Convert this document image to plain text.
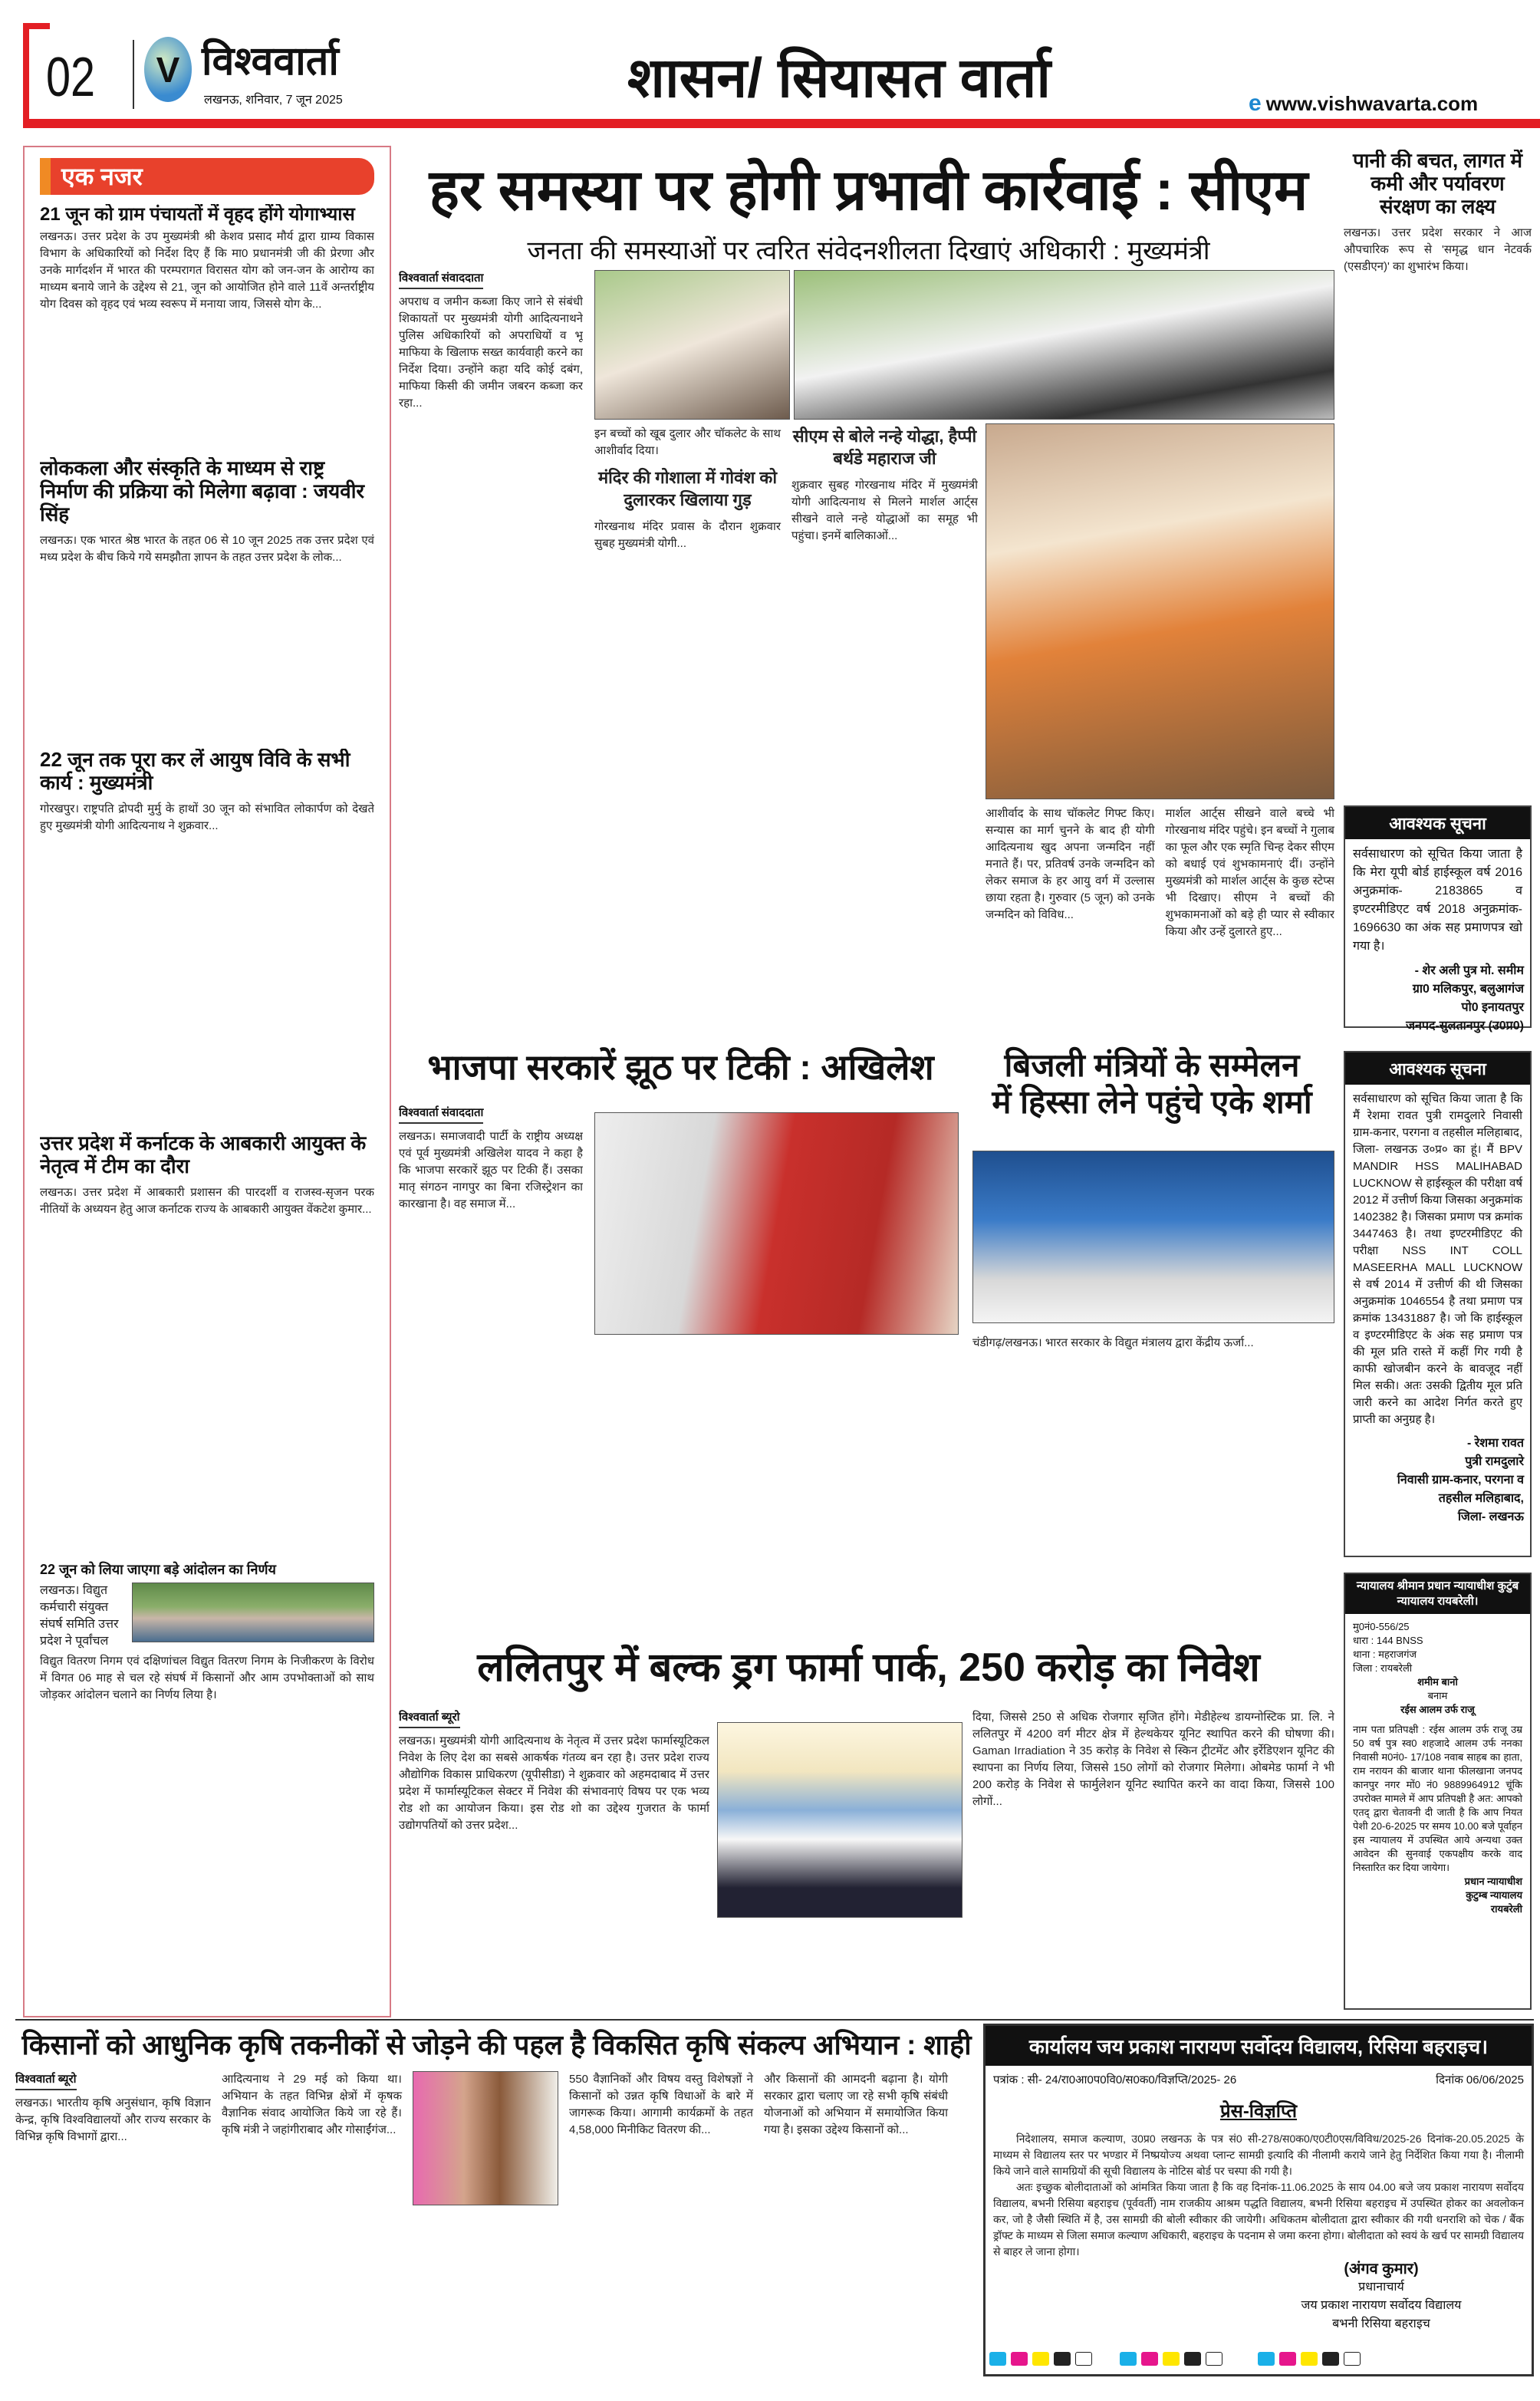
02	V विश्ववार्ता
लखनऊ, शनिवार, 7 जून 2025	शासन/ सियासत वार्ता	e www.vishwavarta.com
एक नजर
21 जून को ग्राम पंचायतों में वृहद होंगे योगाभ्यास
लखनऊ। उत्तर प्रदेश के उप मुख्यमंत्री श्री केशव प्रसाद मौर्य द्वारा ग्राम्य विकास विभाग के अधिकारियों को निर्देश दिए हैं कि मा0 प्रधानमंत्री जी की प्रेरणा और उनके मार्गदर्शन में भारत की परम्परागत विरासत योग को जन-जन के आरोग्य का माध्यम बनाये जाने के उद्देश्य से 21, जून को आयोजित होने वाले 11वें अन्तर्राष्ट्रीय योग दिवस को वृहद एवं भव्य स्वरूप में मनाया जाय, जिससे योग के...
लोककला और संस्कृति के माध्यम से राष्ट्र निर्माण की प्रक्रिया को मिलेगा बढ़ावा : जयवीर सिंह
लखनऊ। एक भारत श्रेष्ठ भारत के तहत 06 से 10 जून 2025 तक उत्तर प्रदेश एवं मध्य प्रदेश के बीच किये गये समझौता ज्ञापन के तहत उत्तर प्रदेश के लोक...
22 जून तक पूरा कर लें आयुष विवि के सभी कार्य : मुख्यमंत्री
गोरखपुर। राष्ट्रपति द्रोपदी मुर्मु के हाथों 30 जून को संभावित लोकार्पण को देखते हुए मुख्यमंत्री योगी आदित्यनाथ ने शुक्रवार...
उत्तर प्रदेश में कर्नाटक के आबकारी आयुक्त के नेतृत्व में टीम का दौरा
लखनऊ। उत्तर प्रदेश में आबकारी प्रशासन की पारदर्शी व राजस्व-सृजन परक नीतियों के अध्ययन हेतु आज कर्नाटक राज्य के आबकारी आयुक्त वेंकटेश कुमार...
22 जून को लिया जाएगा बड़े आंदोलन का निर्णय
लखनऊ। विद्युत कर्मचारी संयुक्त संघर्ष समिति उत्तर प्रदेश ने पूर्वांचल
विद्युत वितरण निगम एवं दक्षिणांचल विद्युत वितरण निगम के निजीकरण के विरोध में विगत 06 माह से चल रहे संघर्ष में किसानों और आम उपभोक्ताओं को साथ जोड़कर आंदोलन चलाने का निर्णय लिया है।
हर समस्या पर होगी प्रभावी कार्रवाई : सीएम
जनता की समस्याओं पर त्वरित संवेदनशीलता दिखाएं अधिकारी : मुख्यमंत्री
विश्ववार्ता संवाददाता
अपराध व जमीन कब्जा किए जाने से संबंधी शिकायतों पर मुख्यमंत्री योगी आदित्यनाथने पुलिस अधिकारियों को अपराधियों व भू माफिया के खिलाफ सख्त कार्यवाही करने का निर्देश दिया। उन्होंने कहा यदि कोई दबंग, माफिया किसी की जमीन जबरन कब्जा कर रहा...
इन बच्चों को खूब दुलार और चॉकलेट के साथ आशीर्वाद दिया।
मंदिर की गोशाला में गोवंश को दुलारकर खिलाया गुड़
गोरखनाथ मंदिर प्रवास के दौरान शुक्रवार सुबह मुख्यमंत्री योगी...
सीएम से बोले नन्हे योद्धा, हैप्पी बर्थडे महाराज जी
शुक्रवार सुबह गोरखनाथ मंदिर में मुख्यमंत्री योगी आदित्यनाथ से मिलने मार्शल आर्ट्स सीखने वाले नन्हे योद्धाओं का समूह भी पहुंचा। इनमें बालिकाओं...
आशीर्वाद के साथ चॉकलेट गिफ्ट किए। सन्यास का मार्ग चुनने के बाद ही योगी आदित्यनाथ खुद अपना जन्मदिन नहीं मनाते हैं। पर, प्रतिवर्ष उनके जन्मदिन को लेकर समाज के हर आयु वर्ग में उल्लास छाया रहता है। गुरुवार (5 जून) को उनके जन्मदिन को विविध...
मार्शल आर्ट्स सीखने वाले बच्चे भी गोरखनाथ मंदिर पहुंचे। इन बच्चों ने गुलाब का फूल और एक स्मृति चिन्ह देकर सीएम को बधाई एवं शुभकामनाएं दीं। उन्होंने मुख्यमंत्री को मार्शल आर्ट्स के कुछ स्टेप्स भी दिखाए। सीएम ने बच्चों की शुभकामनाओं को बड़े ही प्यार से स्वीकार किया और उन्हें दुलारते हुए...
पानी की बचत, लागत में कमी और पर्यावरण संरक्षण का लक्ष्य
लखनऊ। उत्तर प्रदेश सरकार ने आज औपचारिक रूप से 'समृद्ध धान नेटवर्क (एसडीएन)' का शुभारंभ किया।
आवश्यक सूचना
सर्वसाधारण को सूचित किया जाता है कि मेरा यूपी बोर्ड हाईस्कूल वर्ष 2016 अनुक्रमांक- 2183865 व इण्टरमीडिएट वर्ष 2018 अनुक्रमांक- 1696630 का अंक सह प्रमाणपत्र खो गया है।
- शेर अली पुत्र मो. समीम
ग्रा0 मलिकपुर, बलुआगंज
पो0 इनायतपुर
जनपद-सुलतानपुर (उ0प्र0)
आवश्यक सूचना
सर्वसाधारण को सूचित किया जाता है कि मैं रेशमा रावत पुत्री रामदुलारे निवासी ग्राम-कनार, परगना व तहसील मलिहाबाद, जिला- लखनऊ उ०प्र० का हूं। मैं BPV MANDIR HSS MALIHABAD LUCKNOW से हाईस्कूल की परीक्षा वर्ष 2012 में उत्तीर्ण किया जिसका अनुक्रमांक 1402382 है। जिसका प्रमाण पत्र क्रमांक 3447463 है। तथा इण्टरमीडिएट की परीक्षा NSS INT COLL MASEERHA MALL LUCKNOW से वर्ष 2014 में उत्तीर्ण की थी जिसका अनुक्रमांक 1046554 है तथा प्रमाण पत्र क्रमांक 13431887 है। जो कि हाईस्कूल व इण्टरमीडिएट के अंक सह प्रमाण पत्र की मूल प्रति रास्ते में कहीं गिर गयी है काफी खोजबीन करने के बावजूद नहीं मिल सकी। अतः उसकी द्वितीय मूल प्रति जारी करने का आदेश निर्गत करते हुए प्राप्ती का अनुग्रह है।
- रेशमा रावत
पुत्री रामदुलारे
निवासी ग्राम-कनार, परगना व
तहसील मलिहाबाद,
जिला- लखनऊ
न्यायालय श्रीमान प्रधान न्यायाधीश कुटुंब न्यायालय रायबरेली।
मु0नं0-556/25
धारा : 144 BNSS
थाना : महराजगंज
जिला : रायबरेली
शमीम बानो
बनाम
रईस आलम उर्फ राजू
नाम पता प्रतिपक्षी : रईस आलम उर्फ राजू उम्र 50 वर्ष पुत्र स्व0 शहजादे आलम उर्फ ननका निवासी म0नं0- 17/108 नवाब साहब का हाता, राम नरायन की बाजार थाना फीलखाना जनपद कानपुर नगर मों0 नं0 9889964912 चूंकि उपरोक्त मामले में आप प्रतिपक्षी है अत: आपको एतद् द्वारा चेतावनी दी जाती है कि आप नियत पेशी 20-6-2025 पर समय 10.00 बजे पूर्वाहन इस न्यायालय में उपस्थित आये अन्यथा उक्त आवेदन की सुनवाई एकपक्षीय करके वाद निस्तारित कर दिया जायेगा।
प्रधान न्यायाधीश
कुटुम्ब न्यायालय
रायबरेली
भाजपा सरकारें झूठ पर टिकी : अखिलेश
विश्ववार्ता संवाददाता
लखनऊ। समाजवादी पार्टी के राष्ट्रीय अध्यक्ष एवं पूर्व मुख्यमंत्री अखिलेश यादव ने कहा है कि भाजपा सरकारें झूठ पर टिकी हैं। उसका मातृ संगठन नागपुर का बिना रजिस्ट्रेशन का कारखाना है। वह समाज में...
बिजली मंत्रियों के सम्मेलन
में हिस्सा लेने पहुंचे एके शर्मा
चंडीगढ़/लखनऊ। भारत सरकार के विद्युत मंत्रालय द्वारा केंद्रीय ऊर्जा...
ललितपुर में बल्क ड्रग फार्मा पार्क, 250 करोड़ का निवेश
विश्ववार्ता ब्यूरो
लखनऊ। मुख्यमंत्री योगी आदित्यनाथ के नेतृत्व में उत्तर प्रदेश फार्मास्यूटिकल निवेश के लिए देश का सबसे आकर्षक गंतव्य बन रहा है। उत्तर प्रदेश राज्य औद्योगिक विकास प्राधिकरण (यूपीसीडा) ने शुक्रवार को अहमदाबाद में उत्तर प्रदेश में फार्मास्यूटिकल सेक्टर में निवेश की संभावनाएं विषय पर एक भव्य रोड शो का आयोजन किया। इस रोड शो का उद्देश्य गुजरात के फार्मा उद्योगपतियों को उत्तर प्रदेश...
दिया, जिससे 250 से अधिक रोजगार सृजित होंगे। मेडीहेल्थ डायग्नोस्टिक प्रा. लि. ने ललितपुर में 4200 वर्ग मीटर क्षेत्र में हेल्थकेयर यूनिट स्थापित करने की घोषणा की। Gaman Irradiation ने 35 करोड़ के निवेश से स्किन ट्रीटमेंट और इर्रेडिएशन यूनिट की स्थापना का निर्णय लिया, जिससे 150 लोगों को रोजगार मिलेगा। ओबमेड फार्मा ने भी 200 करोड़ के निवेश से फार्मुलेशन यूनिट स्थापित करने का वादा किया, जिससे 100 लोगों...
किसानों को आधुनिक कृषि तकनीकों से जोड़ने की पहल है विकसित कृषि संकल्प अभियान : शाही
विश्ववार्ता ब्यूरो
लखनऊ। भारतीय कृषि अनुसंधान, कृषि विज्ञान केन्द्र, कृषि विश्वविद्यालयों और राज्य सरकार के विभिन्न कृषि विभागों द्वारा...
आदित्यनाथ ने 29 मई को किया था। अभियान के तहत विभिन्न क्षेत्रों में कृषक वैज्ञानिक संवाद आयोजित किये जा रहे हैं। कृषि मंत्री ने जहांगीराबाद और गोसाईंगंज...
550 वैज्ञानिकों और विषय वस्तु विशेषज्ञों ने किसानों को उन्नत कृषि विधाओं के बारे में जागरूक किया। आगामी कार्यक्रमों के तहत 4,58,000 मिनीकिट वितरण की...
और किसानों की आमदनी बढ़ाना है। योगी सरकार द्वारा चलाए जा रहे सभी कृषि संबंधी योजनाओं को अभियान में समायोजित किया गया है। इसका उद्देश्य किसानों को...
कार्यालय जय प्रकाश नारायण सर्वोदय विद्यालय, रिसिया बहराइच।
पत्रांक : सी- 24/रा0आ0प0वि0/स0क0/विज्ञप्ति/2025- 26	दिनांक 06/06/2025
प्रेस-विज्ञप्ति

निदेशालय, समाज कल्याण, उ0प्र0 लखनऊ के पत्र सं0 सी-278/स0क0/ए0टी0एस/विविध/2025-26 दिनांक-20.05.2025 के माध्यम से विद्यालय स्तर पर भण्डार में निष्प्रयोज्य अथवा प्लान्ट सामग्री इत्यादि की नीलामी कराये जाने हेतु निर्देशित किया गया है। नीलामी किये जाने वाले सामग्रियों की सूची विद्यालय के नोटिस बोर्ड पर चस्पा की गयी है।

अतः इच्छुक बोलीदाताओं को आंमत्रित किया जाता है कि वह दिनांक-11.06.2025 के साय 04.00 बजे जय प्रकाश नारायण सर्वोदय विद्यालय, बभनी रिसिया बहराइच (पूर्ववर्ती) नाम राजकीय आश्रम पद्धति विद्यालय, बभनी रिसिया बहराइच में उपस्थित होकर का अवलोकन कर, जो है जैसी स्थिति में है, उस सामग्री की बोली स्वीकार की जायेगी। अधिकतम बोलीदाता द्वारा स्वीकार की गयी धनराशि को चेक / बैंक ड्रॉफ्ट के माध्यम से जिला समाज कल्याण अधिकारी, बहराइच के पदनाम से जमा करना होगा। बोलीदाता को स्वयं के खर्च पर सामग्री विद्यालय से बाहर ले जाना होगा।

(अंगव कुमार)
प्रधानाचार्य
जय प्रकाश नारायण सर्वोदय विद्यालय
बभनी रिसिया बहराइच
